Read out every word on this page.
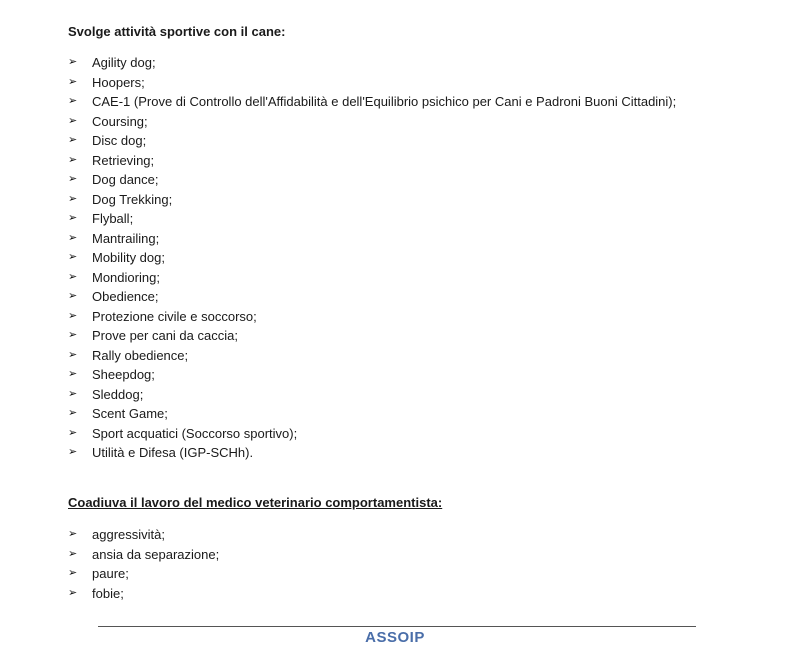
Svolge attività sportive con il cane:

➢	Agility dog;
➢	Hoopers;
➢	CAE-1 (Prove di Controllo dell'Affidabilità e dell'Equilibrio psichico per Cani e Padroni Buoni Cittadini);
➢	Coursing;
➢	Disc dog;
➢	Retrieving;
➢	Dog dance;
➢	Dog Trekking;
➢	Flyball;
➢	Mantrailing;
➢	Mobility dog;
➢	Mondioring;
➢	Obedience;
➢	Protezione civile e soccorso;
➢	Prove per cani da caccia;
➢	Rally obedience;
➢	Sheepdog;
➢	Sleddog;
➢	Scent Game;
➢	Sport acquatici (Soccorso sportivo);
➢	Utilità e Difesa (IGP-SCHh).

Coadiuva il lavoro del medico veterinario comportamentista:

➢	aggressività;
➢	ansia da separazione;
➢	paure;
➢	fobie;
ASSOIP
